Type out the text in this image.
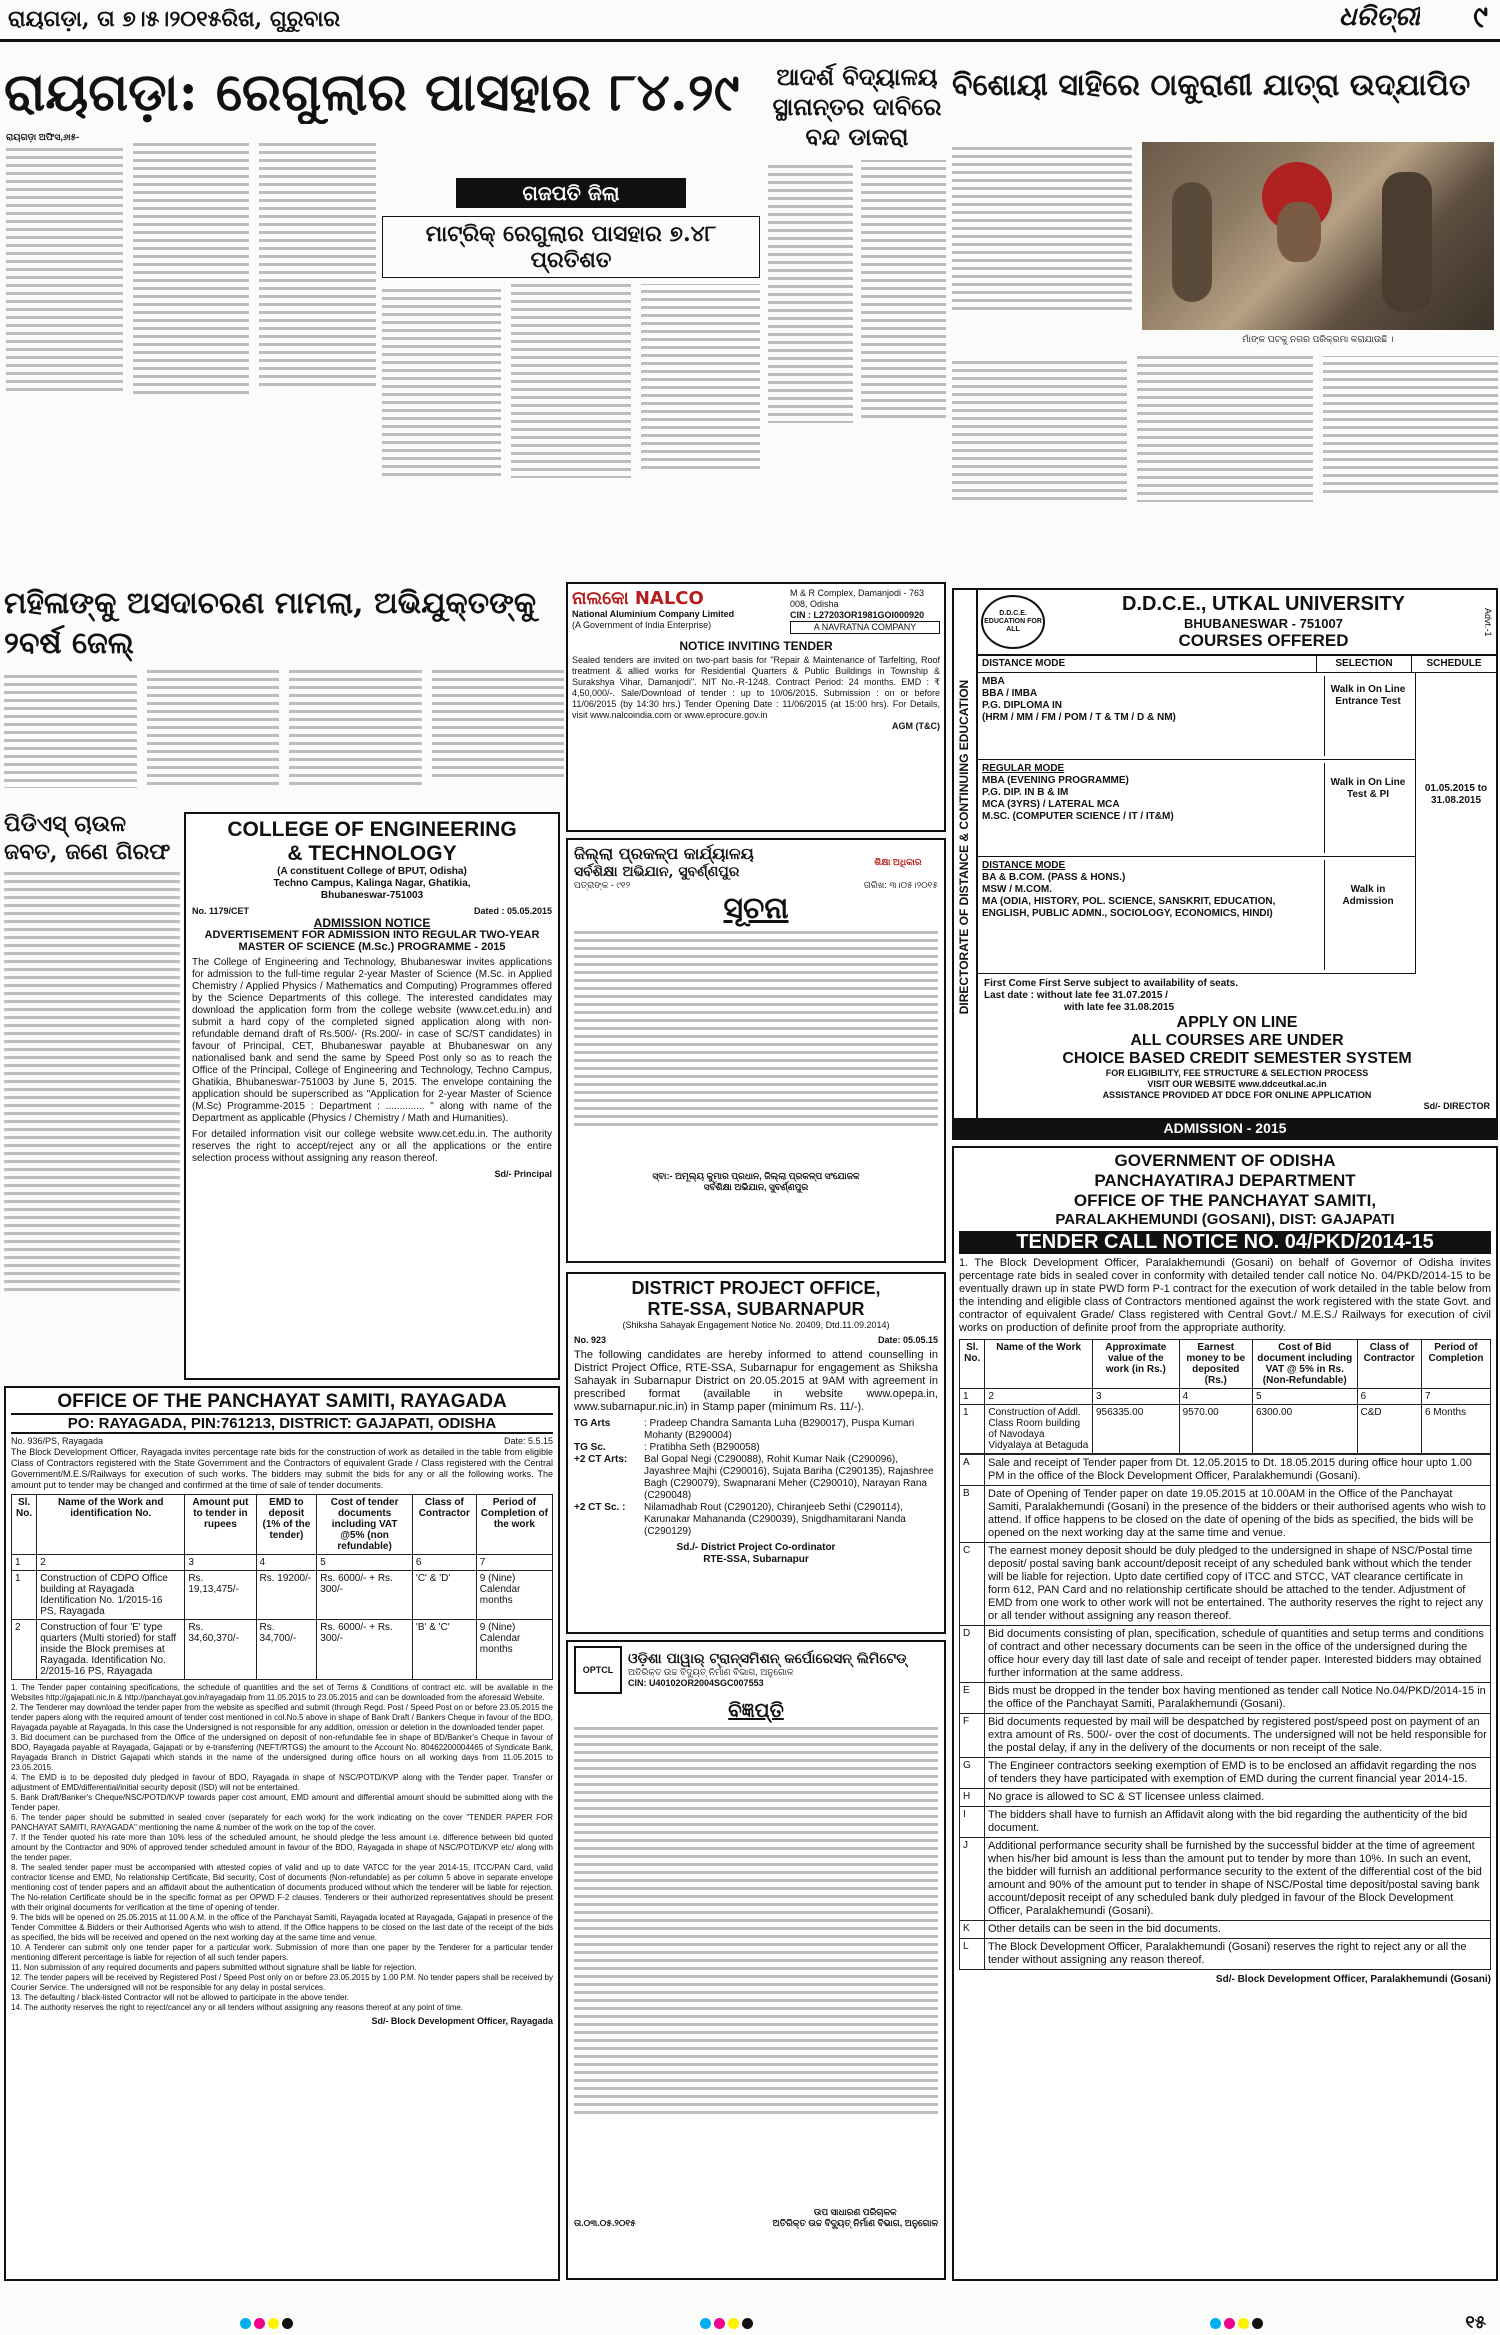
ରାୟଗଡ଼ା, ତା ୭।୫।୨୦୧୫ରିଖ, ଗୁରୁବାର	ଧରିତ୍ରୀ ୯
ରାୟଗଡ଼ା: ରେଗୁଲାର ପାସହାର ୮୪.୨୯
ରାୟଗଡ଼ା ଅଫିସ,୬ା୫-
ଗଜପତି ଜିଲା
ମାଟ୍ରିକ୍ ରେଗୁଲାର ପାସହାର ୭.୪୮ ପ୍ରତିଶତ
ଆଦର୍ଶ ବିଦ୍ୟାଳୟ
ସ୍ଥାନାନ୍ତର ଦାବିରେ
ବନ୍ଦ ଡାକରା
ବିଶୋୟୀ ସାହିରେ ଠାକୁରାଣୀ ଯାତ୍ରା ଉଦ୍‌ଯାପିତ
ମାଁଙ୍କ ଘଟକୁ ନଗର ପରିକ୍ରମା କରାଯାଉଛି ।
ମହିଳାଙ୍କୁ ଅସଦାଚରଣ ମାମଲା, ଅଭିଯୁକ୍ତଙ୍କୁ ୨ବର୍ଷ ଜେଲ୍
ପିଡିଏସ୍ ଚାଉଳ
ଜବତ, ଜଣେ ଗିରଫ
ନାଲକୋ NALCO
National Aluminium Company Limited
(A Government of India Enterprise)
M & R Complex, Damanjodi - 763 008, Odisha
CIN : L27203OR1981GOI000920
A NAVRATNA COMPANY
NOTICE INVITING TENDER
Sealed tenders are invited on two-part basis for "Repair & Maintenance of Tarfelting, Roof treatment & allied works for Residential Quarters & Public Buildings in Township & Surakshya Vihar, Damanjodi". NIT No.-R-1248. Contract Period: 24 months. EMD : ₹ 4,50,000/-. Sale/Download of tender : up to 10/06/2015. Submission : on or before 11/06/2015 (by 14:30 hrs.) Tender Opening Date : 11/06/2015 (at 15:00 hrs). For Details, visit www.nalcoindia.com or www.eprocure.gov.in
AGM (T&C)
COLLEGE OF ENGINEERING
& TECHNOLOGY
(A constituent College of BPUT, Odisha)
Techno Campus, Kalinga Nagar, Ghatikia,
Bhubaneswar-751003
No. 1179/CET	Dated : 05.05.2015
ADMISSION NOTICE
ADVERTISEMENT FOR ADMISSION INTO REGULAR TWO-YEAR MASTER OF SCIENCE (M.Sc.) PROGRAMME - 2015
The College of Engineering and Technology, Bhubaneswar invites applications for admission to the full-time regular 2-year Master of Science (M.Sc. in Applied Chemistry / Applied Physics / Mathematics and Computing) Programmes offered by the Science Departments of this college. The interested candidates may download the application form from the college website (www.cet.edu.in) and submit a hard copy of the completed signed application along with non-refundable demand draft of Rs.500/- (Rs.200/- in case of SC/ST candidates) in favour of Principal, CET, Bhubaneswar payable at Bhubaneswar on any nationalised bank and send the same by Speed Post only so as to reach the Office of the Principal, College of Engineering and Technology, Techno Campus, Ghatikia, Bhubaneswar-751003 by June 5, 2015. The envelope containing the application should be superscribed as "Application for 2-year Master of Science (M.Sc) Programme-2015 : Department : .............. " along with name of the Department as applicable (Physics / Chemistry / Math and Humanities).
For detailed information visit our college website www.cet.edu.in. The authority reserves the right to accept/reject any or all the applications or the entire selection process without assigning any reason thereof.
Sd/- Principal
ଜିଲ୍ଲା ପ୍ରକଳ୍ପ କାର୍ଯ୍ୟାଳୟ
ସର୍ବଶିକ୍ଷା ଅଭିଯାନ, ସୁବର୍ଣ୍ଣପୁର
ଶିକ୍ଷା ଅଧିକାର
ପତ୍ରାଙ୍କ - ୯୧୨	ତାରିଖ: ୩।୦୫।୨୦୧୫
ସୂଚନା
ସ୍ବା:- ଅମୂଲ୍ୟ କୁମାର ପ୍ରଧାନ, ଜିଲ୍ଲା ପ୍ରକଳ୍ପ ସଂଯୋଜକ
ସର୍ବଶିକ୍ଷା ଅଭିଯାନ, ସୁବର୍ଣ୍ଣପୁର
DISTRICT PROJECT OFFICE,
RTE-SSA, SUBARNAPUR
(Shiksha Sahayak Engagement Notice No. 20409, Dtd.11.09.2014)
No. 923	Date: 05.05.15
The following candidates are hereby informed to attend counselling in District Project Office, RTE-SSA, Subarnapur for engagement as Shiksha Sahayak in Subarnapur District on 20.05.2015 at 9AM with agreement in prescribed format (available in website www.opepa.in, www.subarnapur.nic.in) in Stamp paper (minimum Rs. 11/-).
TG Arts	: Pradeep Chandra Samanta Luha (B290017), Puspa Kumari Mohanty (B290004)
TG Sc.	: Pratibha Seth (B290058)
+2 CT Arts:	Bal Gopal Negi (C290088), Rohit Kumar Naik (C290096), Jayashree Majhi (C290016), Sujata Bariha (C290135), Rajashree Bagh (C290079), Swapnarani Meher (C290010), Narayan Rana (C290048)
+2 CT Sc. :	Nilamadhab Rout (C290120), Chiranjeeb Sethi (C290114), Karunakar Mahananda (C290039), Snigdhamitarani Nanda (C290129)
Sd./- District Project Co-ordinator
RTE-SSA, Subarnapur
OPTCL
ଓଡ଼ିଶା ପାୱାର୍ ଟ୍ରାନ୍ସମିଶନ୍ କର୍ପୋରେସନ୍ ଲିମିଟେଡ୍
ଅତିରିକ୍ତ ଉଚ୍ଚ ବିଦ୍ୟୁତ୍ ନିର୍ମାଣ ବିଭାଗ, ଅନୁଗୋଳ
CIN: U40102OR2004SGC007553
ବିଜ୍ଞପ୍ତି
ତା.୦୩.୦୫.୨୦୧୫
ଉପ ସାଧାରଣ ପରିଚାଳକ
ଅତିରିକ୍ତ ଉଚ୍ଚ ବିଦ୍ୟୁତ୍ ନିର୍ମାଣ ବିଭାଗ, ଅନୁଗୋଳ
DIRECTORATE OF DISTANCE & CONTINUING EDUCATION
D.D.C.E. EDUCATION FOR ALL
D.D.C.E., UTKAL UNIVERSITY
BHUBANESWAR - 751007
COURSES OFFERED
Advt.-1
DISTANCE MODE	SELECTION	SCHEDULE
MBA
BBA / IMBA
P.G. DIPLOMA IN
(HRM / MM / FM / POM / T & TM / D & NM)
Walk in On Line Entrance Test
REGULAR MODE
MBA (EVENING PROGRAMME)
P.G. DIP. IN B & IM
MCA (3YRS) / LATERAL MCA
M.SC. (COMPUTER SCIENCE / IT / IT&M)
Walk in On Line Test & PI
DISTANCE MODE
BA & B.COM. (PASS & HONS.)
MSW / M.COM.
MA (ODIA, HISTORY, POL. SCIENCE, SANSKRIT, EDUCATION, ENGLISH, PUBLIC ADMN., SOCIOLOGY, ECONOMICS, HINDI)
Walk in Admission
01.05.2015 to 31.08.2015
First Come First Serve subject to availability of seats.
Last date : without late fee 31.07.2015 /
with late fee 31.08.2015
APPLY ON LINE
ALL COURSES ARE UNDER
CHOICE BASED CREDIT SEMESTER SYSTEM
FOR ELIGIBILITY, FEE STRUCTURE & SELECTION PROCESS
VISIT OUR WEBSITE www.ddceutkal.ac.in
ASSISTANCE PROVIDED AT DDCE FOR ONLINE APPLICATION
Sd/- DIRECTOR
ADMISSION - 2015
OFFICE OF THE PANCHAYAT SAMITI, RAYAGADA
PO: RAYAGADA, PIN:761213, DISTRICT: GAJAPATI, ODISHA
No. 936/PS, Rayagada	Date: 5.5.15
The Block Development Officer, Rayagada invites percentage rate bids for the construction of work as detailed in the table from eligible Class of Contractors registered with the State Government and the Contractors of equivalent Grade / Class registered with the Central Government/M.E.S/Railways for execution of such works. The bidders may submit the bids for any or all the following works. The amount put to tender may be changed and confirmed at the time of sale of tender documents.
Sl. No.	Name of the Work and identification No.	Amount put to tender in rupees	EMD to deposit (1% of the tender)	Cost of tender documents including VAT @5% (non refundable)	Class of Contractor	Period of Completion of the work
1	2	3	4	5	6	7
1	Construction of CDPO Office building at Rayagada Identification No. 1/2015-16 PS, Rayagada	Rs. 19,13,475/-	Rs. 19200/-	Rs. 6000/- + Rs. 300/-	'C' & 'D'	9 (Nine) Calendar months
2	Construction of four 'E' type quarters (Multi storied) for staff inside the Block premises at Rayagada. Identification No. 2/2015-16 PS, Rayagada	Rs. 34,60,370/-	Rs. 34,700/-	Rs. 6000/- + Rs. 300/-	'B' & 'C'	9 (Nine) Calendar months
1. The Tender paper containing specifications, the schedule of quantities and the set of Terms & Conditions of contract etc. will be available in the Websites http://gajapati.nic.in & http://panchayat.gov.in/rayagadaip from 11.05.2015 to 23.05.2015 and can be downloaded from the aforesaid Website.
2. The Tenderer may download the tender paper from the website as specified and submit (through Regd. Post / Speed Post on or before 23.05.2015 the tender papers along with the required amount of tender cost mentioned in col.No.5 above in shape of Bank Draft / Bankers Cheque in favour of the BDO, Rayagada payable at Rayagada. In this case the Undersigned is not responsible for any addition, omission or deletion in the downloaded tender paper.
3. Bid document can be purchased from the Office of the undersigned on deposit of non-refundable fee in shape of BD/Banker's Cheque in favour of BDO, Rayagada payable at Rayagada, Gajapati or by e-transferring (NEFT/RTGS) the amount to the Account No. 80462200004465 of Syndicate Bank, Rayagada Branch in District Gajapati which stands in the name of the undersigned during office hours on all working days from 11.05.2015 to 23.05.2015.
4. The EMD is to be deposited duly pledged in favour of BDO, Rayagada in shape of NSC/POTD/KVP along with the Tender paper. Transfer or adjustment of EMD/differential/initial security deposit (ISD) will not be entertained.
5. Bank Draft/Banker's Cheque/NSC/POTD/KVP towards paper cost amount, EMD amount and differential amount should be submitted along with the Tender paper.
6. The tender paper should be submitted in sealed cover (separately for each work) for the work indicating on the cover "TENDER PAPER FOR PANCHAYAT SAMITI, RAYAGADA" mentioning the name & number of the work on the top of the cover.
7. If the Tender quoted his rate more than 10% less of the scheduled amount, he should pledge the less amount i.e. difference between bid quoted amount by the Contractor and 90% of approved tender scheduled amount in favour of the BDO, Rayagada in shape of NSC/POTD/KVP etc/ along with the tender paper.
8. The sealed tender paper must be accompanied with attested copies of valid and up to date VATCC for the year 2014-15, ITCC/PAN Card, valid contractor license and EMD, No relationship Certificate, Bid security, Cost of documents (Non-refundable) as per column 5 above in separate envelope mentioning cost of tender papers and an affidavit about the authentication of documents produced without which the tenderer will be liable for rejection. The No-relation Certificate should be in the specific format as per OPWD F-2 clauses. Tenderers or their authorized representatives should be present with their original documents for verification at the time of opening of tender.
9. The bids will be opened on 25.05.2015 at 11.00 A.M. in the office of the Panchayat Samiti, Rayagada located at Rayagada, Gajapati in presence of the Tender Committee & Bidders or their Authorised Agents who wish to attend. If the Office happens to be closed on the last date of the receipt of the bids as specified, the bids will be received and opened on the next working day at the same time and venue.
10. A Tenderer can submit only one tender paper for a particular work. Submission of more than one paper by the Tenderer for a particular tender mentioning different percentage is liable for rejection of all such tender papers.
11. Non submission of any required documents and papers submitted without signature shall be liable for rejection.
12. The tender papers will be received by Registered Post / Speed Post only on or before 23.05.2015 by 1.00 P.M. No tender papers shall be received by Courier Service. The undersigned will not be responsible for any delay in postal services.
13. The defaulting / black-listed Contractor will not be allowed to participate in the above tender.
14. The authority reserves the right to reject/cancel any or all tenders without assigning any reasons thereof at any point of time.
Sd/- Block Development Officer, Rayagada
GOVERNMENT OF ODISHA
PANCHAYATIRAJ DEPARTMENT
OFFICE OF THE PANCHAYAT SAMITI,
PARALAKHEMUNDI (GOSANI), DIST: GAJAPATI
TENDER CALL NOTICE NO. 04/PKD/2014-15
1. The Block Development Officer, Paralakhemundi (Gosani) on behalf of Governor of Odisha invites percentage rate bids in sealed cover in conformity with detailed tender call notice No. 04/PKD/2014-15 to be eventually drawn up in state PWD form P-1 contract for the execution of work detailed in the table below from the intending and eligible class of Contractors mentioned against the work registered with the state Govt. and contractor of equivalent Grade/ Class registered with Central Govt./ M.E.S./ Railways for execution of civil works on production of definite proof from the appropriate authority.
Sl. No.	Name of the Work	Approximate value of the work (in Rs.)	Earnest money to be deposited (Rs.)	Cost of Bid document including VAT @ 5% in Rs. (Non-Refundable)	Class of Contractor	Period of Completion
1	2	3	4	5	6	7
1	Construction of Addl. Class Room building of Navodaya Vidyalaya at Betaguda	956335.00	9570.00	6300.00	C&D	6 Months
A	Sale and receipt of Tender paper from Dt. 12.05.2015 to Dt. 18.05.2015 during office hour upto 1.00 PM in the office of the Block Development Officer, Paralakhemundi (Gosani).
B	Date of Opening of Tender paper on date 19.05.2015 at 10.00AM in the Office of the Panchayat Samiti, Paralakhemundi (Gosani) in the presence of the bidders or their authorised agents who wish to attend. If office happens to be closed on the date of opening of the bids as specified, the bids will be opened on the next working day at the same time and venue.
C	The earnest money deposit should be duly pledged to the undersigned in shape of NSC/Postal time deposit/ postal saving bank account/deposit receipt of any scheduled bank without which the tender will be liable for rejection. Upto date certified copy of ITCC and STCC, VAT clearance certificate in form 612, PAN Card and no relationship certificate should be attached to the tender. Adjustment of EMD from one work to other work will not be entertained. The authority reserves the right to reject any or all tender without assigning any reason thereof.
D	Bid documents consisting of plan, specification, schedule of quantities and setup terms and conditions of contract and other necessary documents can be seen in the office of the undersigned during the office hour every day till last date of sale and receipt of tender paper. Interested bidders may obtained further information at the same address.
E	Bids must be dropped in the tender box having mentioned as tender call Notice No.04/PKD/2014-15 in the office of the Panchayat Samiti, Paralakhemundi (Gosani).
F	Bid documents requested by mail will be despatched by registered post/speed post on payment of an extra amount of Rs. 500/- over the cost of documents. The undersigned will not be held responsible for the postal delay, if any in the delivery of the documents or non receipt of the sale.
G	The Engineer contractors seeking exemption of EMD is to be enclosed an affidavit regarding the nos of tenders they have participated with exemption of EMD during the current financial year 2014-15.
H	No grace is allowed to SC & ST licensee unless claimed.
I	The bidders shall have to furnish an Affidavit along with the bid regarding the authenticity of the bid document.
J	Additional performance security shall be furnished by the successful bidder at the time of agreement when his/her bid amount is less than the amount put to tender by more than 10%. In such an event, the bidder will furnish an additional performance security to the extent of the differential cost of the bid amount and 90% of the amount put to tender in shape of NSC/Postal time deposit/postal saving bank account/deposit receipt of any scheduled bank duly pledged in favour of the Block Development Officer, Paralakhemundi (Gosani).
K	Other details can be seen in the bid documents.
L	The Block Development Officer, Paralakhemundi (Gosani) reserves the right to reject any or all the tender without assigning any reason thereof.
Sd/- Block Development Officer, Paralakhemundi (Gosani)
୧୫
